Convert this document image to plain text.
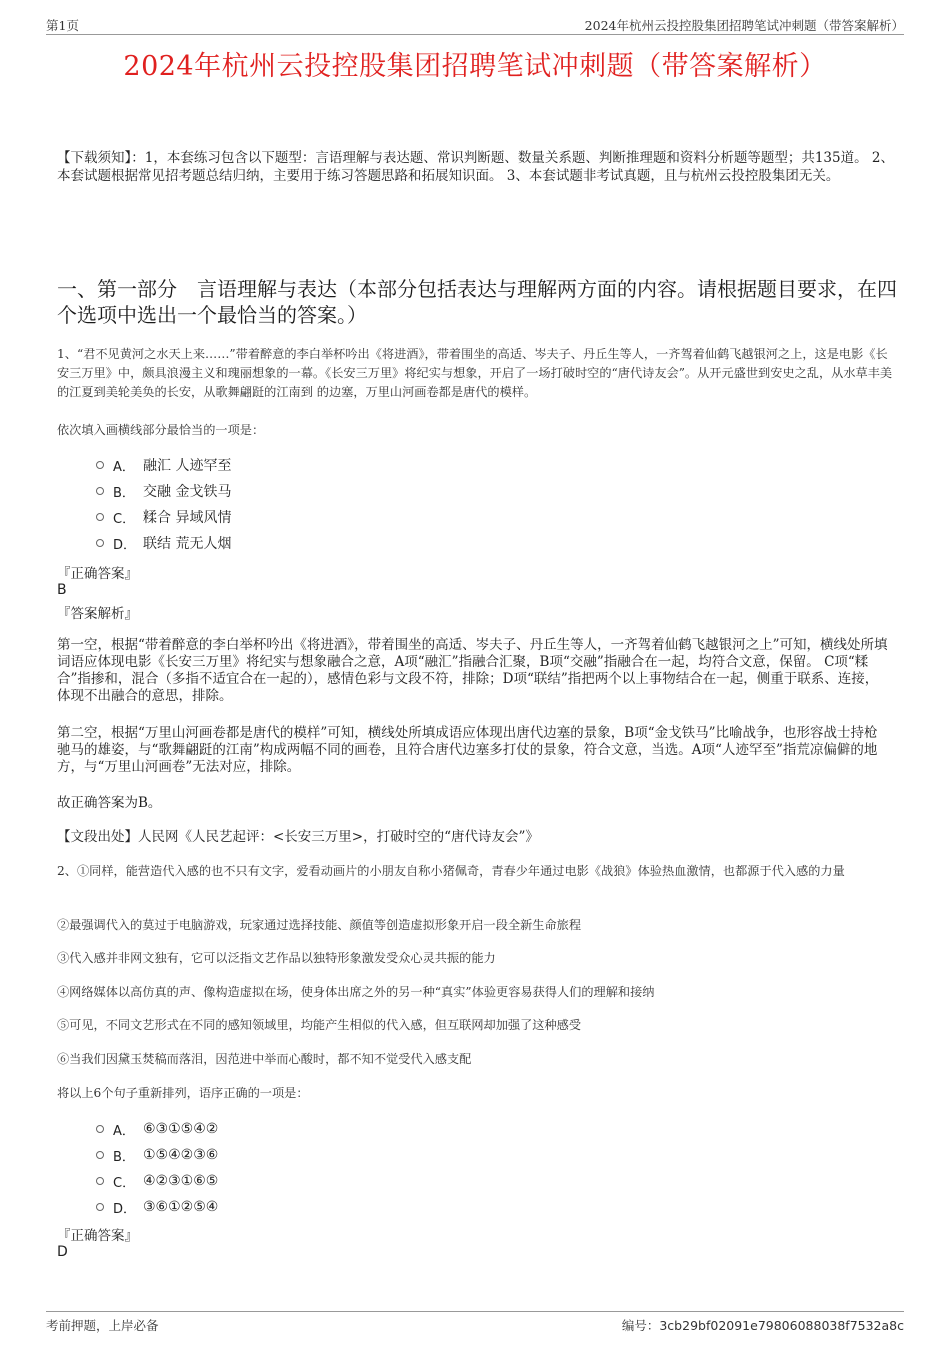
第1页	2024年杭州云投控股集团招聘笔试冲刺题（带答案解析）
2024年杭州云投控股集团招聘笔试冲刺题（带答案解析）
【下载须知】：1，本套练习包含以下题型：言语理解与表达题、常识判断题、数量关系题、判断推理题和资料分析题等题型；共135道。 2、本套试题根据常见招考题总结归纳，主要用于练习答题思路和拓展知识面。 3、本套试题非考试真题，且与杭州云投控股集团无关。
一、第一部分　言语理解与表达（本部分包括表达与理解两方面的内容。请根据题目要求，在四个选项中选出一个最恰当的答案。）
1、“君不见黄河之水天上来……”带着醉意的李白举杯吟出《将进酒》，带着围坐的高适、岑夫子、丹丘生等人，一齐驾着仙鹤飞越银河之上，这是电影《长安三万里》中，颇具浪漫主义和瑰丽想象的一幕。《长安三万里》将纪实与想象，开启了一场打破时空的“唐代诗友会”。从开元盛世到安史之乱，从水草丰美的江夏到美轮美奂的长安，从歌舞翩跹的江南到 的边塞，万里山河画卷都是唐代的模样。
依次填入画横线部分最恰当的一项是：
A． 融汇 人迹罕至
B． 交融 金戈铁马
C． 糅合 异域风情
D． 联结 荒无人烟
『正确答案』
B
『答案解析』
第一空，根据“带着醉意的李白举杯吟出《将进酒》，带着围坐的高适、岑夫子、丹丘生等人，一齐驾着仙鹤飞越银河之上”可知，横线处所填词语应体现电影《长安三万里》将纪实与想象融合之意，A项“融汇”指融合汇聚，B项“交融”指融合在一起，均符合文意，保留。 C项“糅合”指掺和，混合（多指不适宜合在一起的），感情色彩与文段不符，排除；D项“联结”指把两个以上事物结合在一起，侧重于联系、连接，体现不出融合的意思，排除。
第二空，根据“万里山河画卷都是唐代的模样”可知，横线处所填成语应体现出唐代边塞的景象，B项“金戈铁马”比喻战争，也形容战士持枪驰马的雄姿，与“歌舞翩跹的江南”构成两幅不同的画卷，且符合唐代边塞多打仗的景象，符合文意，当选。A项“人迹罕至”指荒凉偏僻的地方，与“万里山河画卷”无法对应，排除。
故正确答案为B。
【文段出处】人民网《人民艺起评：<长安三万里>，打破时空的“唐代诗友会”》
2、①同样，能营造代入感的也不只有文字，爱看动画片的小朋友自称小猪佩奇，青春少年通过电影《战狼》体验热血激情，也都源于代入感的力量
②最强调代入的莫过于电脑游戏，玩家通过选择技能、颜值等创造虚拟形象开启一段全新生命旅程
③代入感并非网文独有，它可以泛指文艺作品以独特形象激发受众心灵共振的能力
④网络媒体以高仿真的声、像构造虚拟在场，使身体出席之外的另一种“真实”体验更容易获得人们的理解和接纳
⑤可见，不同文艺形式在不同的感知领域里，均能产生相似的代入感，但互联网却加强了这种感受
⑥当我们因黛玉焚稿而落泪，因范进中举而心酸时，都不知不觉受代入感支配
将以上6个句子重新排列，语序正确的一项是：
A． ⑥③①⑤④②
B． ①⑤④②③⑥
C． ④②③①⑥⑤
D． ③⑥①②⑤④
『正确答案』
D
考前押题，上岸必备	编号：3cb29bf02091e79806088038f7532a8c
